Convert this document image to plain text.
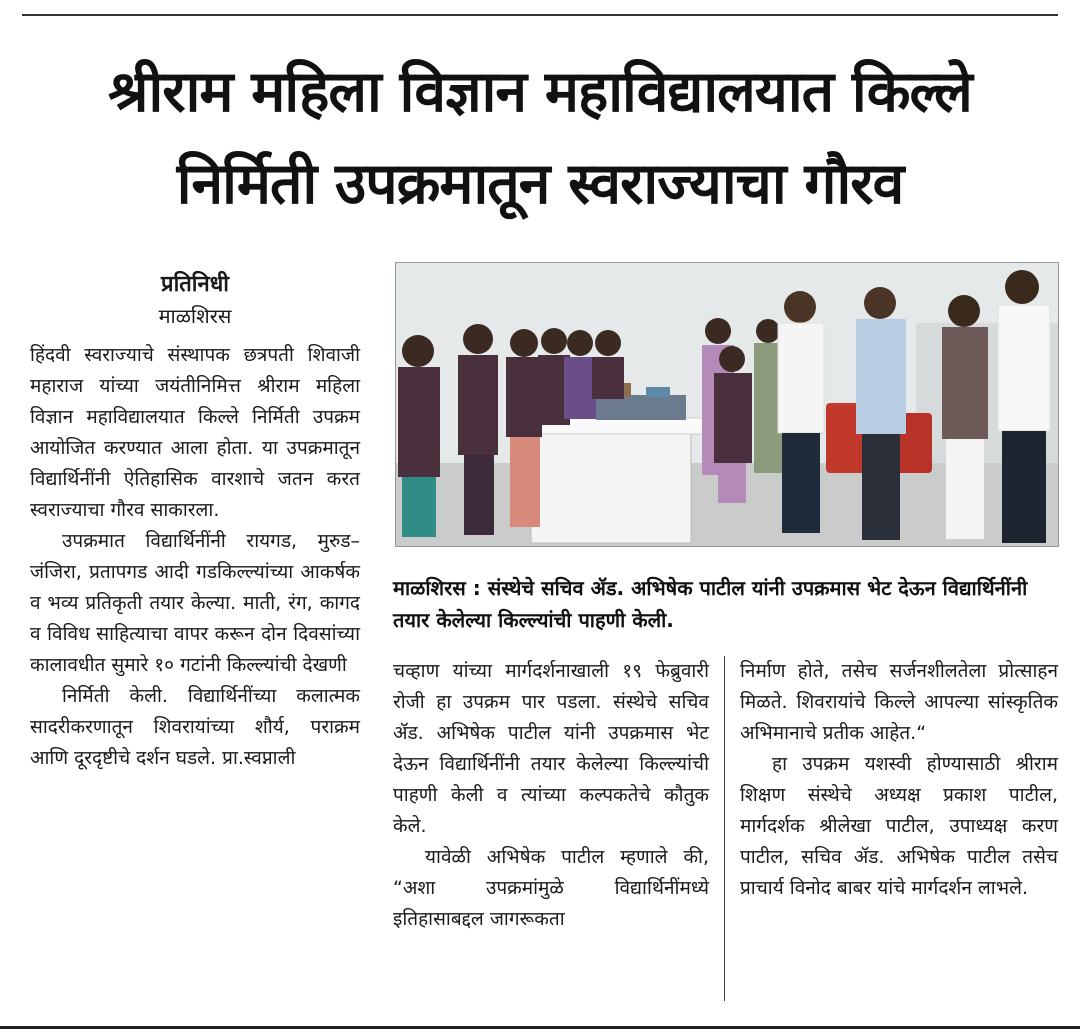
श्रीराम महिला विज्ञान महाविद्यालयात किल्ले
निर्मिती उपक्रमातून स्वराज्याचा गौरव
प्रतिनिधी
माळशिरस

हिंदवी स्वराज्याचे संस्थापक छत्रपती शिवाजी महाराज यांच्या जयंतीनिमित्त श्रीराम महिला विज्ञान महाविद्यालयात किल्ले निर्मिती उपक्रम आयोजित करण्यात आला होता. या उपक्रमातून विद्यार्थिनींनी ऐतिहासिक वारशाचे जतन करत स्वराज्याचा गौरव साकारला.

उपक्रमात विद्यार्थिनींनी रायगड, मुरुड–जंजिरा, प्रतापगड आदी गडकिल्ल्यांच्या आकर्षक व भव्य प्रतिकृती तयार केल्या. माती, रंग, कागद व विविध साहित्याचा वापर करून दोन दिवसांच्या कालावधीत सुमारे १० गटांनी किल्ल्यांची देखणी

निर्मिती केली. विद्यार्थिनींच्या कलात्मक सादरीकरणातून शिवरायांच्या शौर्य, पराक्रम आणि दूरदृष्टीचे दर्शन घडले. प्रा.स्वप्नाली

माळशिरस : संस्थेचे सचिव ॲड. अभिषेक पाटील यांनी उपक्रमास भेट देऊन विद्यार्थिनींनी तयार केलेल्या किल्ल्यांची पाहणी केली.

चव्हाण यांच्या मार्गदर्शनाखाली १९ फेब्रुवारी रोजी हा उपक्रम पार पडला. संस्थेचे सचिव ॲड. अभिषेक पाटील यांनी उपक्रमास भेट देऊन विद्यार्थिनींनी तयार केलेल्या किल्ल्यांची पाहणी केली व त्यांच्या कल्पकतेचे कौतुक केले.

यावेळी अभिषेक पाटील म्हणाले की, “अशा उपक्रमांमुळे विद्यार्थिनींमध्ये इतिहासाबद्दल जागरूकता

निर्माण होते, तसेच सर्जनशीलतेला प्रोत्साहन मिळते. शिवरायांचे किल्ले आपल्या सांस्कृतिक अभिमानाचे प्रतीक आहेत.“

हा उपक्रम यशस्वी होण्यासाठी श्रीराम शिक्षण संस्थेचे अध्यक्ष प्रकाश पाटील, मार्गदर्शक श्रीलेखा पाटील, उपाध्यक्ष करण पाटील, सचिव ॲड. अभिषेक पाटील तसेच प्राचार्य विनोद बाबर यांचे मार्गदर्शन लाभले.
